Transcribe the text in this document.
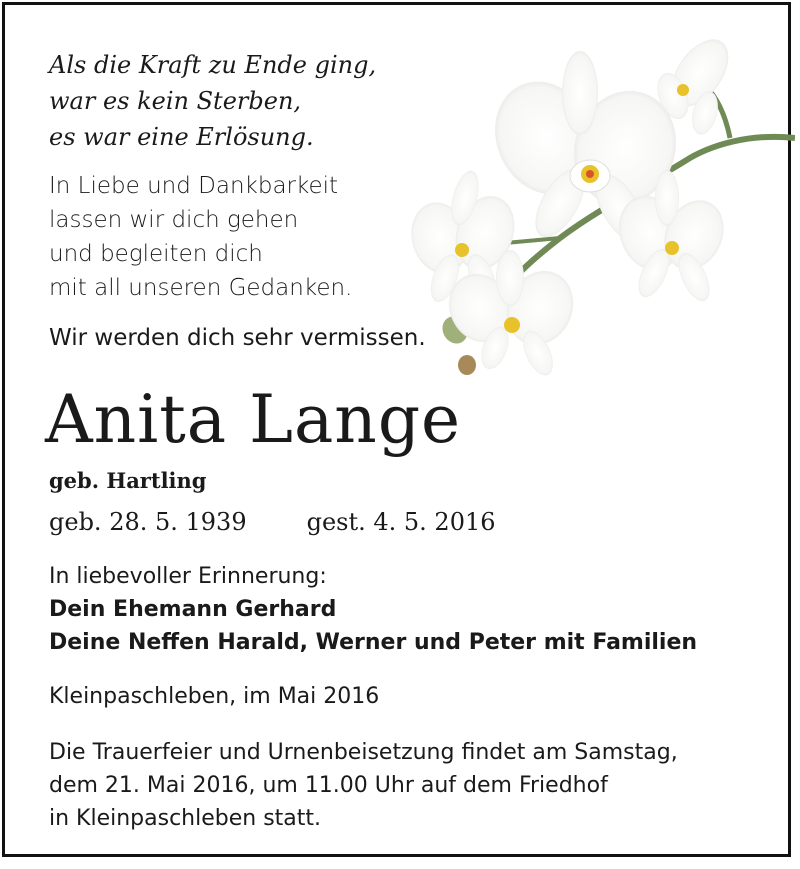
Als die Kraft zu Ende ging,
war es kein Sterben,
es war eine Erlösung.
In Liebe und Dankbarkeit
lassen wir dich gehen
und begleiten dich
mit all unseren Gedanken.
Wir werden dich sehr vermissen.
Anita Lange
geb. Hartling
geb. 28. 5. 1939	gest. 4. 5. 2016
In liebevoller Erinnerung:
Dein Ehemann Gerhard
Deine Neffen Harald, Werner und Peter mit Familien
Kleinpaschleben, im Mai 2016
Die Trauerfeier und Urnenbeisetzung findet am Samstag,
dem 21. Mai 2016, um 11.00 Uhr auf dem Friedhof
in Kleinpaschleben statt.
